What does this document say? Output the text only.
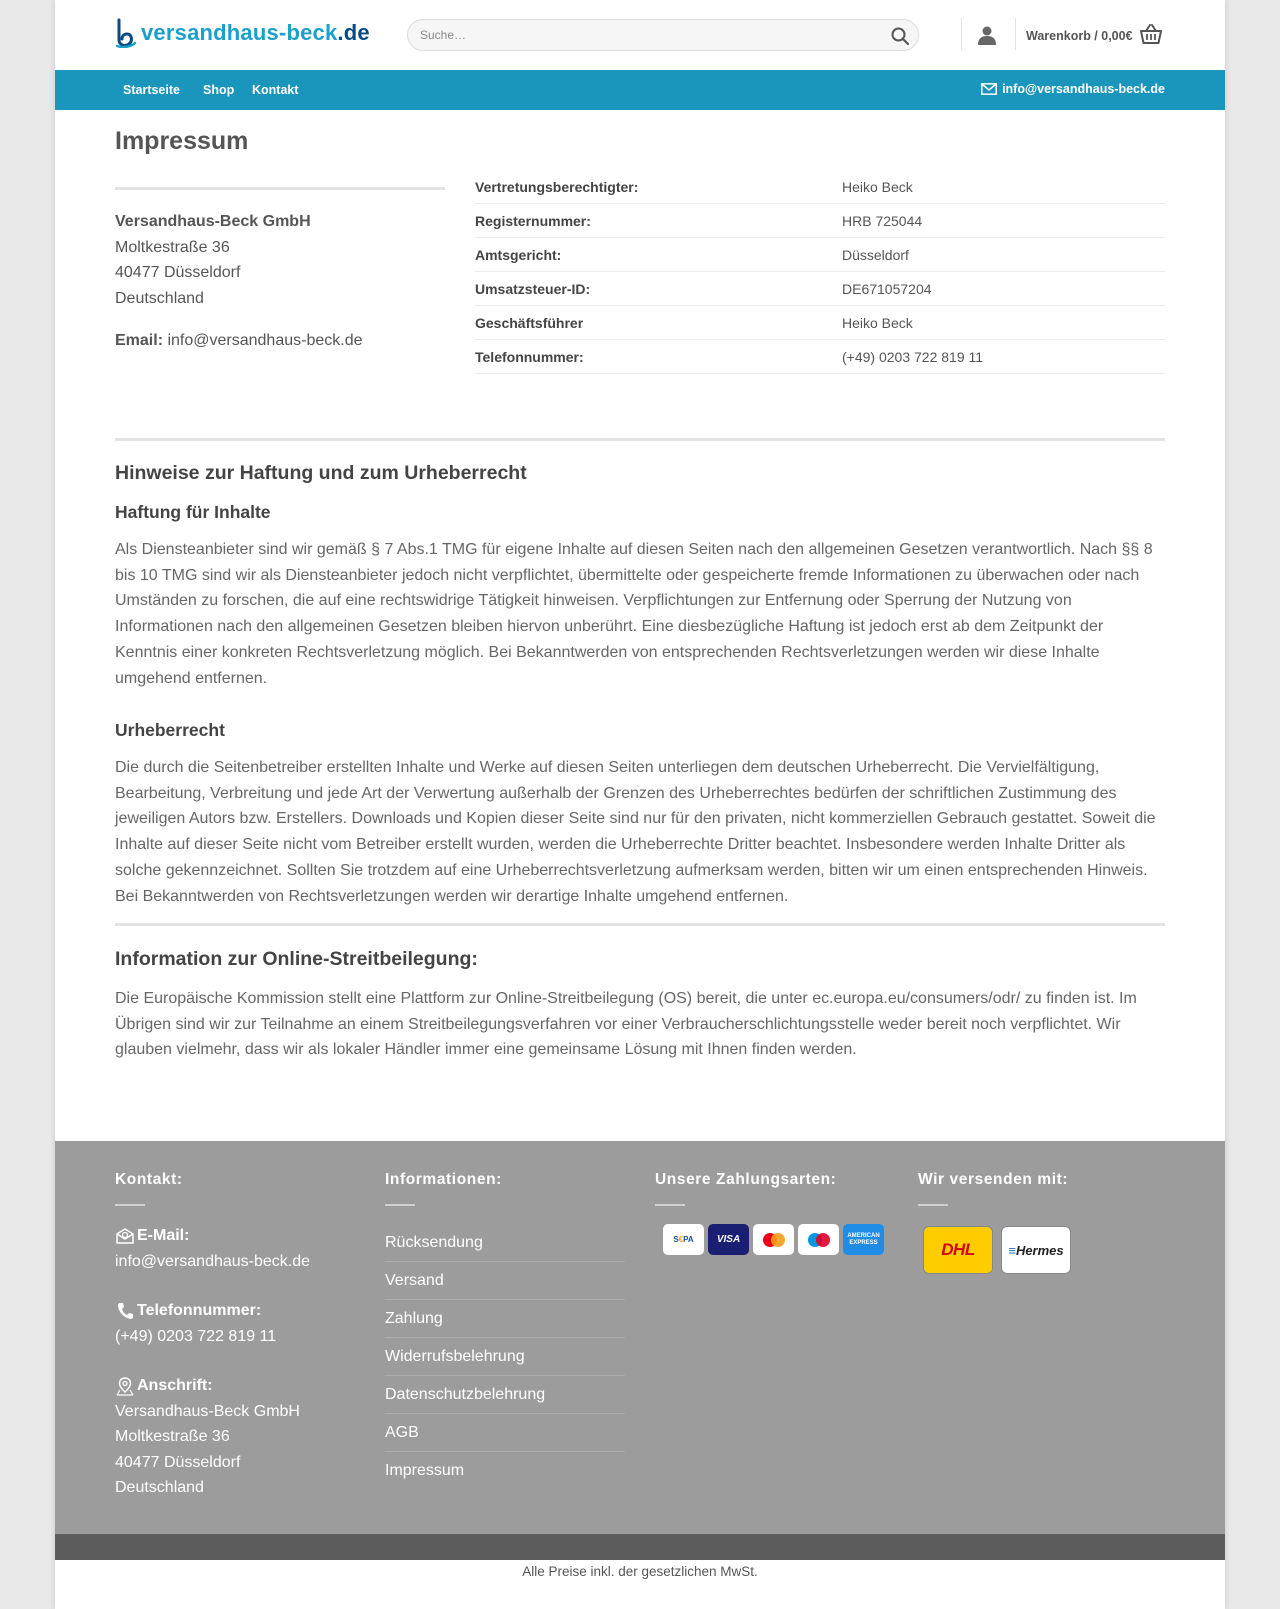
versandhaus-beck.de
Suche…	Warenkorb / 0,00€
Startseite Shop Kontakt	info@versandhaus-beck.de
Impressum
Versandhaus-Beck GmbH
Moltkestraße 36
40477 Düsseldorf
Deutschland
Email: info@versandhaus-beck.de
Vertretungsberechtigter:	Heiko Beck
Registernummer:	HRB 725044
Amtsgericht:	Düsseldorf
Umsatzsteuer-ID:	DE671057204
Geschäftsführer	Heiko Beck
Telefonnummer:	(+49) 0203 722 819 11
Hinweise zur Haftung und zum Urheberrecht
Haftung für Inhalte
Als Diensteanbieter sind wir gemäß § 7 Abs.1 TMG für eigene Inhalte auf diesen Seiten nach den allgemeinen Gesetzen verantwortlich. Nach §§ 8 bis 10 TMG sind wir als Diensteanbieter jedoch nicht verpflichtet, übermittelte oder gespeicherte fremde Informationen zu überwachen oder nach Umständen zu forschen, die auf eine rechtswidrige Tätigkeit hinweisen. Verpflichtungen zur Entfernung oder Sperrung der Nutzung von Informationen nach den allgemeinen Gesetzen bleiben hiervon unberührt. Eine diesbezügliche Haftung ist jedoch erst ab dem Zeitpunkt der Kenntnis einer konkreten Rechtsverletzung möglich. Bei Bekanntwerden von entsprechenden Rechtsverletzungen werden wir diese Inhalte umgehend entfernen.
Urheberrecht
Die durch die Seitenbetreiber erstellten Inhalte und Werke auf diesen Seiten unterliegen dem deutschen Urheberrecht. Die Vervielfältigung, Bearbeitung, Verbreitung und jede Art der Verwertung außerhalb der Grenzen des Urheberrechtes bedürfen der schriftlichen Zustimmung des jeweiligen Autors bzw. Erstellers. Downloads und Kopien dieser Seite sind nur für den privaten, nicht kommerziellen Gebrauch gestattet. Soweit die Inhalte auf dieser Seite nicht vom Betreiber erstellt wurden, werden die Urheberrechte Dritter beachtet. Insbesondere werden Inhalte Dritter als solche gekennzeichnet. Sollten Sie trotzdem auf eine Urheberrechtsverletzung aufmerksam werden, bitten wir um einen entsprechenden Hinweis. Bei Bekanntwerden von Rechtsverletzungen werden wir derartige Inhalte umgehend entfernen.
Information zur Online-Streitbeilegung:
Die Europäische Kommission stellt eine Plattform zur Online-Streitbeilegung (OS) bereit, die unter ec.europa.eu/consumers/odr/ zu finden ist. Im Übrigen sind wir zur Teilnahme an einem Streitbeilegungsverfahren vor einer Verbraucherschlichtungsstelle weder bereit noch verpflichtet. Wir glauben vielmehr, dass wir als lokaler Händler immer eine gemeinsame Lösung mit Ihnen finden werden.
Kontakt:
E-Mail:
info@versandhaus-beck.de
Telefonnummer:
(+49) 0203 722 819 11
Anschrift:
Versandhaus-Beck GmbH
Moltkestraße 36
40477 Düsseldorf
Deutschland
Informationen:
Rücksendung
Versand
Zahlung
Widerrufsbelehrung
Datenschutzbelehrung
AGB
Impressum
Unsere Zahlungsarten:
S€PA	VISA	AMERICAN
EXPRESS
Wir versenden mit:
DHL	≡Hermes
Alle Preise inkl. der gesetzlichen MwSt.
